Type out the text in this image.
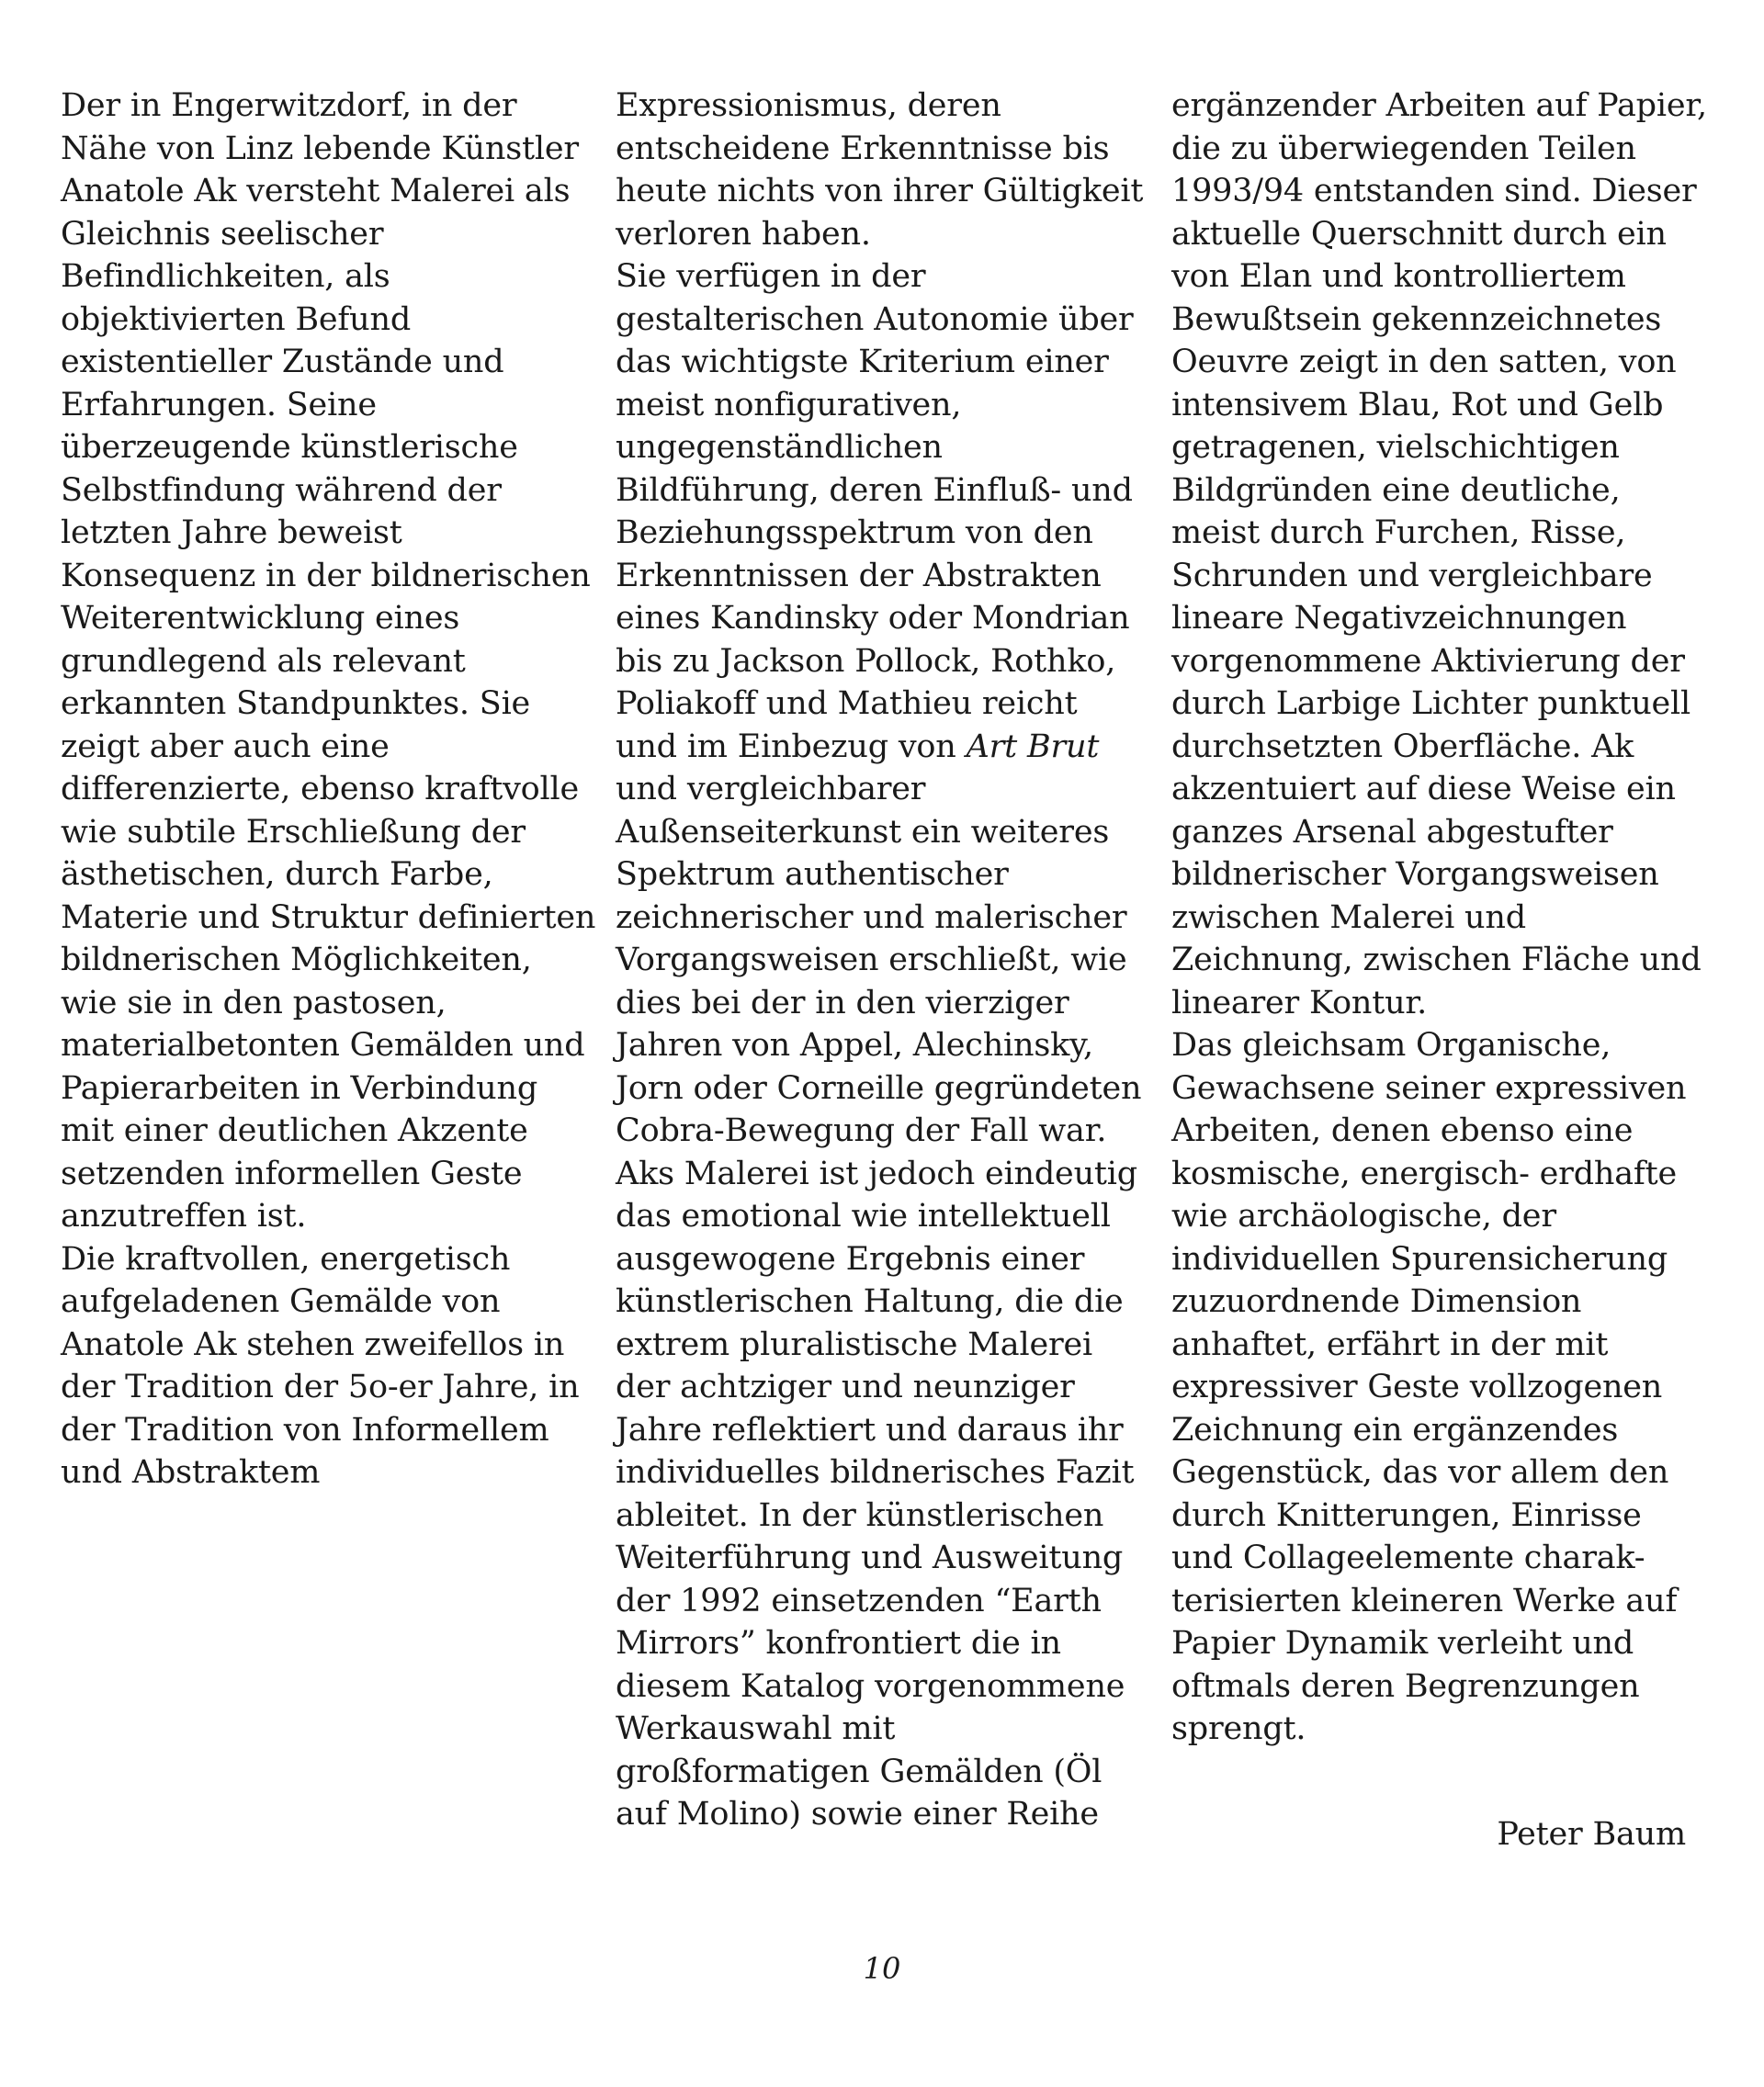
Der in Engerwitzdorf, in der
Nähe von Linz lebende Künstler
Anatole Ak versteht Malerei als
Gleichnis seelischer
Befindlichkeiten, als
objektivierten Befund
existentieller Zustände und
Erfahrungen. Seine
überzeugende künstlerische
Selbstfindung während der
letzten Jahre beweist
Konsequenz in der bildnerischen
Weiterentwicklung eines
grundlegend als relevant
erkannten Standpunktes. Sie
zeigt aber auch eine
differenzierte, ebenso kraftvolle
wie subtile Erschließung der
ästhetischen, durch Farbe,
Materie und Struktur definierten
bildnerischen Möglichkeiten,
wie sie in den pastosen,
materialbetonten Gemälden und
Papierarbeiten in Verbindung
mit einer deutlichen Akzente
setzenden informellen Geste
anzutreffen ist.
Die kraftvollen, energetisch
aufgeladenen Gemälde von
Anatole Ak stehen zweifellos in
der Tradition der 5o-er Jahre, in
der Tradition von Informellem
und Abstraktem
Expressionismus, deren
entscheidene Erkenntnisse bis
heute nichts von ihrer Gültigkeit
verloren haben.
Sie verfügen in der
gestalterischen Autonomie über
das wichtigste Kriterium einer
meist nonfigurativen,
ungegenständlichen
Bildführung, deren Einfluß- und
Beziehungsspektrum von den
Erkenntnissen der Abstrakten
eines Kandinsky oder Mondrian
bis zu Jackson Pollock, Rothko,
Poliakoff und Mathieu reicht
und im Einbezug von Art Brut
und vergleichbarer
Außenseiterkunst ein weiteres
Spektrum authentischer
zeichnerischer und malerischer
Vorgangsweisen erschließt, wie
dies bei der in den vierziger
Jahren von Appel, Alechinsky,
Jorn oder Corneille gegründeten
Cobra-Bewegung der Fall war.
Aks Malerei ist jedoch eindeutig
das emotional wie intellektuell
ausgewogene Ergebnis einer
künstlerischen Haltung, die die
extrem pluralistische Malerei
der achtziger und neunziger
Jahre reflektiert und daraus ihr
individuelles bildnerisches Fazit
ableitet. In der künstlerischen
Weiterführung und Ausweitung
der 1992 einsetzenden “Earth
Mirrors” konfrontiert die in
diesem Katalog vorgenommene
Werkauswahl mit
großformatigen Gemälden (Öl
auf Molino) sowie einer Reihe
ergänzender Arbeiten auf Papier,
die zu überwiegenden Teilen
1993/94 entstanden sind. Dieser
aktuelle Querschnitt durch ein
von Elan und kontrolliertem
Bewußtsein gekennzeichnetes
Oeuvre zeigt in den satten, von
intensivem Blau, Rot und Gelb
getragenen, vielschichtigen
Bildgründen eine deutliche,
meist durch Furchen, Risse,
Schrunden und vergleichbare
lineare Negativzeichnungen
vorgenommene Aktivierung der
durch Larbige Lichter punktuell
durchsetzten Oberfläche. Ak
akzentuiert auf diese Weise ein
ganzes Arsenal abgestufter
bildnerischer Vorgangsweisen
zwischen Malerei und
Zeichnung, zwischen Fläche und
linearer Kontur.
Das gleichsam Organische,
Gewachsene seiner expressiven
Arbeiten, denen ebenso eine
kosmische, energisch- erdhafte
wie archäologische, der
individuellen Spurensicherung
zuzuordnende Dimension
anhaftet, erfährt in der mit
expressiver Geste vollzogenen
Zeichnung ein ergänzendes
Gegenstück, das vor allem den
durch Knitterungen, Einrisse
und Collageelemente charak-
terisierten kleineren Werke auf
Papier Dynamik verleiht und
oftmals deren Begrenzungen
sprengt.
Peter Baum
10
